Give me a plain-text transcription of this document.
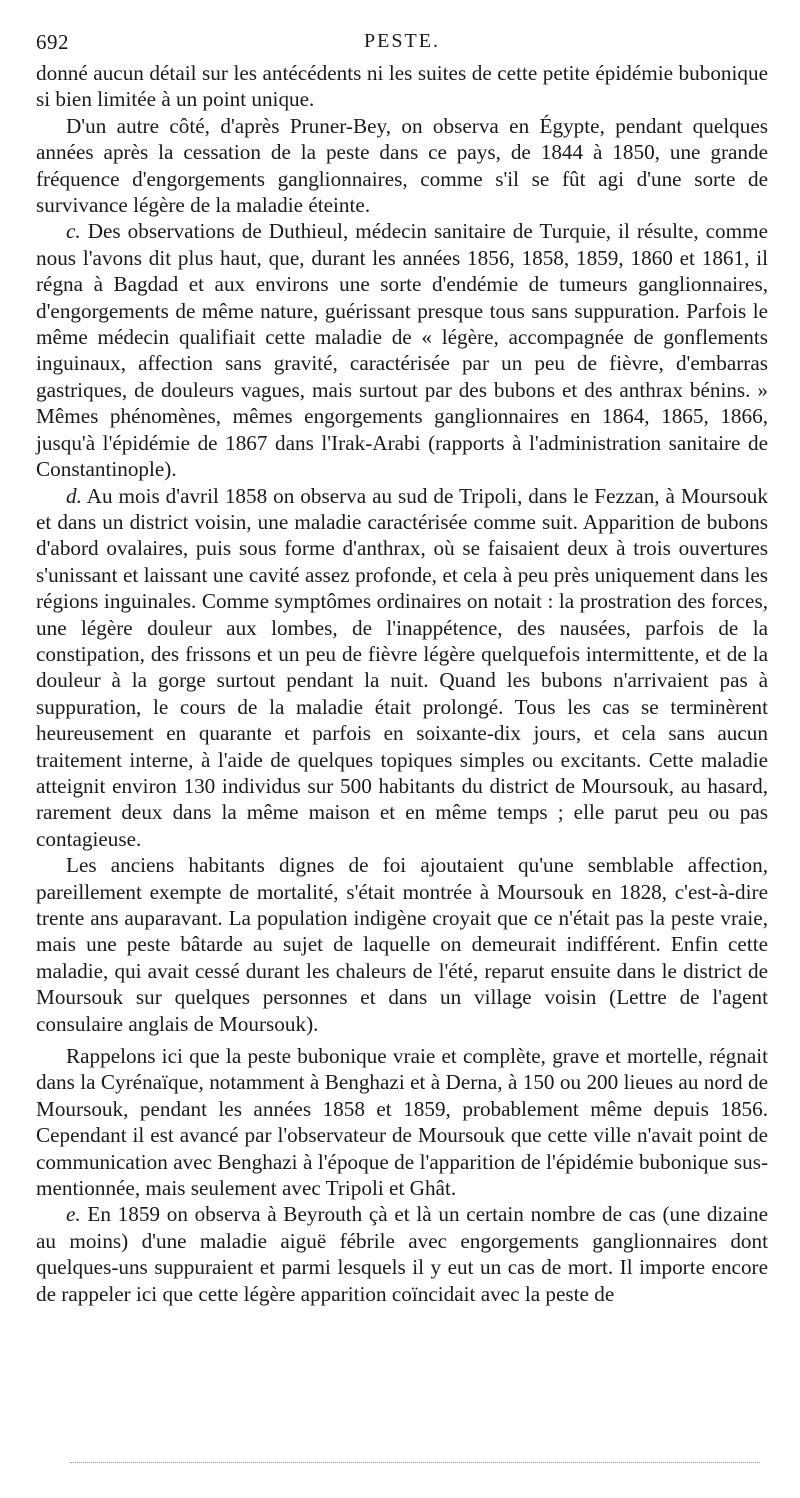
692	PESTE.

donné aucun détail sur les antécédents ni les suites de cette petite épidémie bubonique si bien limitée à un point unique.

D'un autre côté, d'après Pruner-Bey, on observa en Égypte, pendant quelques années après la cessation de la peste dans ce pays, de 1844 à 1850, une grande fréquence d'engorgements ganglionnaires, comme s'il se fût agi d'une sorte de survivance légère de la maladie éteinte.

c. Des observations de Duthieul, médecin sanitaire de Turquie, il résulte, comme nous l'avons dit plus haut, que, durant les années 1856, 1858, 1859, 1860 et 1861, il régna à Bagdad et aux environs une sorte d'endémie de tumeurs ganglionnaires, d'engorgements de même nature, guérissant presque tous sans suppuration. Parfois le même médecin qualifiait cette maladie de « légère, accompagnée de gonflements inguinaux, affection sans gravité, caractérisée par un peu de fièvre, d'embarras gastriques, de douleurs vagues, mais surtout par des bubons et des anthrax bénins. » Mêmes phénomènes, mêmes engorgements ganglionnaires en 1864, 1865, 1866, jusqu'à l'épidémie de 1867 dans l'Irak-Arabi (rapports à l'administration sanitaire de Constantinople).

d. Au mois d'avril 1858 on observa au sud de Tripoli, dans le Fezzan, à Moursouk et dans un district voisin, une maladie caractérisée comme suit. Apparition de bubons d'abord ovalaires, puis sous forme d'anthrax, où se faisaient deux à trois ouvertures s'unissant et laissant une cavité assez profonde, et cela à peu près uniquement dans les régions inguinales. Comme symptômes ordinaires on notait : la prostration des forces, une légère douleur aux lombes, de l'inappétence, des nausées, parfois de la constipation, des frissons et un peu de fièvre légère quelquefois intermittente, et de la douleur à la gorge surtout pendant la nuit. Quand les bubons n'arrivaient pas à suppuration, le cours de la maladie était prolongé. Tous les cas se terminèrent heureusement en quarante et parfois en soixante-dix jours, et cela sans aucun traitement interne, à l'aide de quelques topiques simples ou excitants. Cette maladie atteignit environ 130 individus sur 500 habitants du district de Moursouk, au hasard, rarement deux dans la même maison et en même temps ; elle parut peu ou pas contagieuse.

Les anciens habitants dignes de foi ajoutaient qu'une semblable affection, pareillement exempte de mortalité, s'était montrée à Moursouk en 1828, c'est-à-dire trente ans auparavant. La population indigène croyait que ce n'était pas la peste vraie, mais une peste bâtarde au sujet de laquelle on demeurait indifférent. Enfin cette maladie, qui avait cessé durant les chaleurs de l'été, reparut ensuite dans le district de Moursouk sur quelques personnes et dans un village voisin (Lettre de l'agent consulaire anglais de Moursouk).

Rappelons ici que la peste bubonique vraie et complète, grave et mortelle, régnait dans la Cyrénaïque, notamment à Benghazi et à Derna, à 150 ou 200 lieues au nord de Moursouk, pendant les années 1858 et 1859, probablement même depuis 1856. Cependant il est avancé par l'observateur de Moursouk que cette ville n'avait point de communication avec Benghazi à l'époque de l'apparition de l'épidémie bubonique sus-mentionnée, mais seulement avec Tripoli et Ghât.

e. En 1859 on observa à Beyrouth çà et là un certain nombre de cas (une dizaine au moins) d'une maladie aiguë fébrile avec engorgements ganglionnaires dont quelques-uns suppuraient et parmi lesquels il y eut un cas de mort. Il importe encore de rappeler ici que cette légère apparition coïncidait avec la peste de
